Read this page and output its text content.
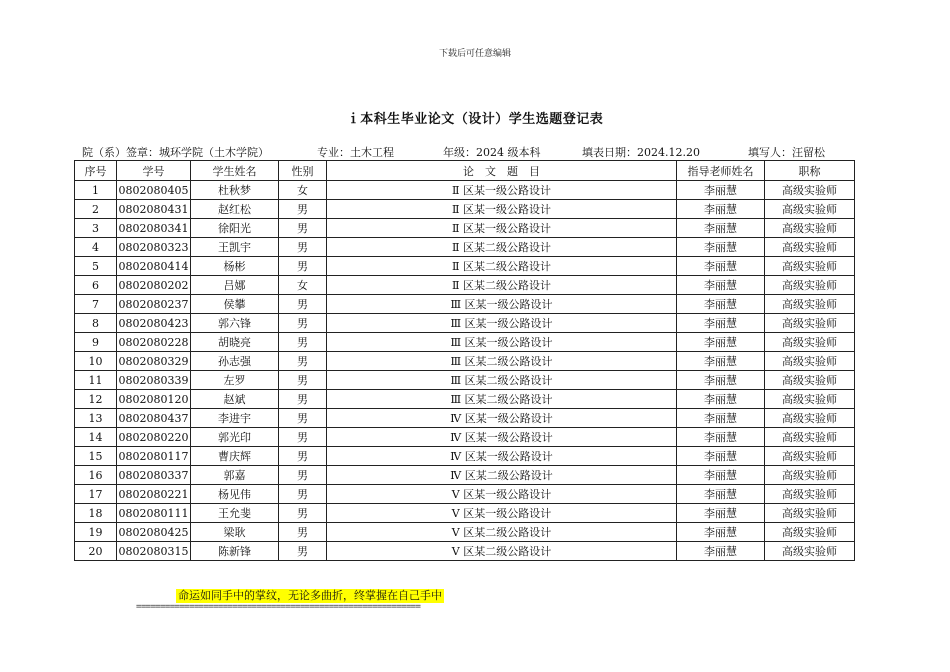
下载后可任意编辑
ｉ本科生毕业论文（设计）学生选题登记表
院（系）签章：城环学院（土木学院）	专业：土木工程	年级：2024 级本科	填表日期：2024.12.20	填写人：汪留松
序号	学号	学生姓名	性别	论　文　题　目	指导老师姓名	职称
1	0802080405	杜秋梦	女	Ⅱ 区某一级公路设计	李丽慧	高级实验师
2	0802080431	赵红松	男	Ⅱ 区某一级公路设计	李丽慧	高级实验师
3	0802080341	徐阳光	男	Ⅱ 区某一级公路设计	李丽慧	高级实验师
4	0802080323	王凯宇	男	Ⅱ 区某二级公路设计	李丽慧	高级实验师
5	0802080414	杨彬	男	Ⅱ 区某二级公路设计	李丽慧	高级实验师
6	0802080202	吕娜	女	Ⅱ 区某二级公路设计	李丽慧	高级实验师
7	0802080237	侯攀	男	Ⅲ 区某一级公路设计	李丽慧	高级实验师
8	0802080423	郭六锋	男	Ⅲ 区某一级公路设计	李丽慧	高级实验师
9	0802080228	胡晓亮	男	Ⅲ 区某一级公路设计	李丽慧	高级实验师
10	0802080329	孙志强	男	Ⅲ 区某二级公路设计	李丽慧	高级实验师
11	0802080339	左罗	男	Ⅲ 区某二级公路设计	李丽慧	高级实验师
12	0802080120	赵斌	男	Ⅲ 区某二级公路设计	李丽慧	高级实验师
13	0802080437	李进宇	男	Ⅳ 区某一级公路设计	李丽慧	高级实验师
14	0802080220	郭光印	男	Ⅳ 区某一级公路设计	李丽慧	高级实验师
15	0802080117	曹庆辉	男	Ⅳ 区某一级公路设计	李丽慧	高级实验师
16	0802080337	郭嘉	男	Ⅳ 区某二级公路设计	李丽慧	高级实验师
17	0802080221	杨见伟	男	Ⅴ 区某一级公路设计	李丽慧	高级实验师
18	0802080111	王允斐	男	Ⅴ 区某一级公路设计	李丽慧	高级实验师
19	0802080425	梁耿	男	Ⅴ 区某二级公路设计	李丽慧	高级实验师
20	0802080315	陈新锋	男	Ⅴ 区某二级公路设计	李丽慧	高级实验师
命运如同手中的掌纹，无论多曲折，终掌握在自己手中
===========================================================
